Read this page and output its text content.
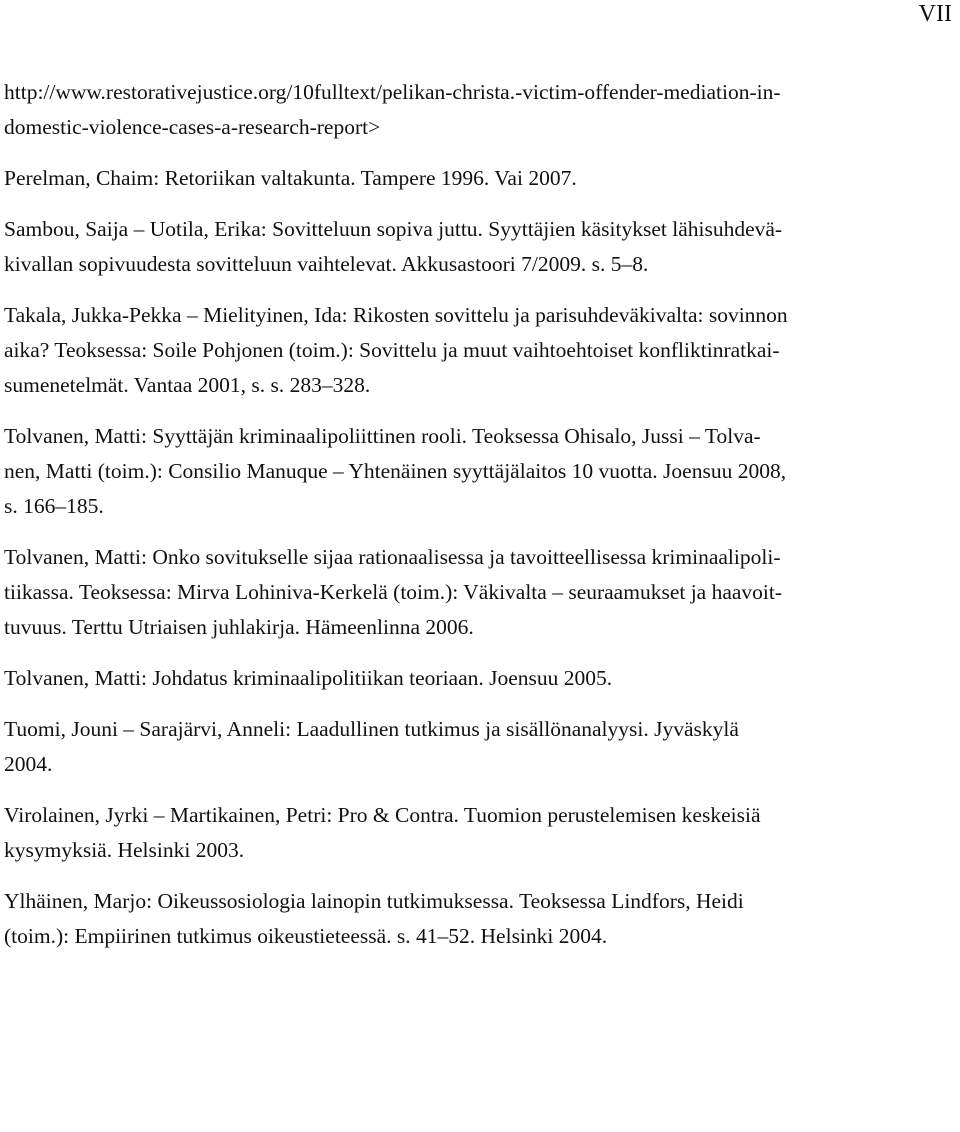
VII
http://www.restorativejustice.org/10fulltext/pelikan-christa.-victim-offender-mediation-in-
domestic-violence-cases-a-research-report>
Perelman, Chaim: Retoriikan valtakunta. Tampere 1996. Vai 2007.
Sambou, Saija – Uotila, Erika: Sovitteluun sopiva juttu. Syyttäjien käsitykset lähisuhdevä-
kivallan sopivuudesta sovitteluun vaihtelevat. Akkusastoori 7/2009. s. 5–8.
Takala, Jukka-Pekka – Mielityinen, Ida: Rikosten sovittelu ja parisuhdeväkivalta: sovinnon
aika? Teoksessa: Soile Pohjonen (toim.): Sovittelu ja muut vaihtoehtoiset konfliktinratkai-
sumenetelmät. Vantaa 2001, s. s. 283–328.
Tolvanen, Matti: Syyttäjän kriminaalipoliittinen rooli. Teoksessa Ohisalo, Jussi – Tolva-
nen, Matti (toim.): Consilio Manuque – Yhtenäinen syyttäjälaitos 10 vuotta. Joensuu 2008,
s. 166–185.
Tolvanen, Matti: Onko sovitukselle sijaa rationaalisessa ja tavoitteellisessa kriminaalipoli-
tiikassa. Teoksessa: Mirva Lohiniva-Kerkelä (toim.): Väkivalta – seuraamukset ja haavoit-
tuvuus. Terttu Utriaisen juhlakirja. Hämeenlinna 2006.
Tolvanen, Matti: Johdatus kriminaalipolitiikan teoriaan. Joensuu 2005.
Tuomi, Jouni – Sarajärvi, Anneli: Laadullinen tutkimus ja sisällönanalyysi. Jyväskylä
2004.
Virolainen, Jyrki – Martikainen, Petri: Pro & Contra. Tuomion perustelemisen keskeisiä
kysymyksiä. Helsinki 2003.
Ylhäinen, Marjo: Oikeussosiologia lainopin tutkimuksessa. Teoksessa Lindfors, Heidi
(toim.): Empiirinen tutkimus oikeustieteessä. s. 41–52. Helsinki 2004.
